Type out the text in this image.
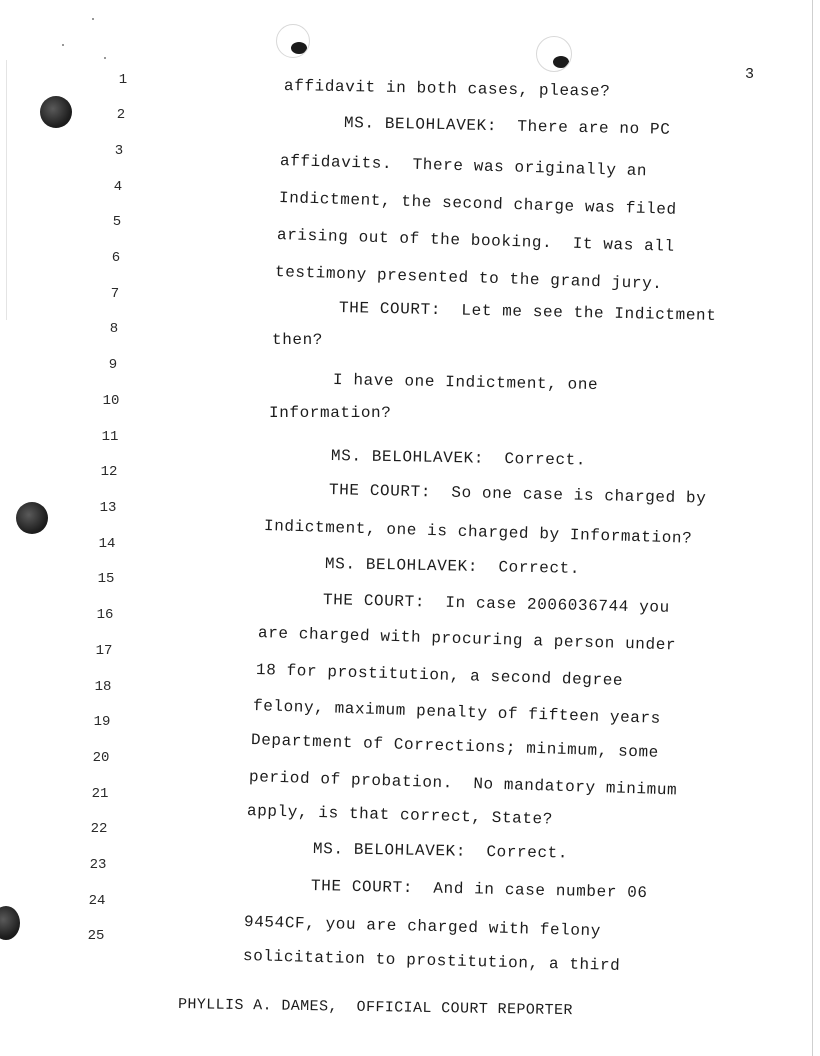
3
1
2
3
4
5
6
7
8
9
10
11
12
13
14
15
16
17
18
19
20
21
22
23
24
25
affidavit in both cases, please?
MS. BELOHLAVEK:  There are no PC
affidavits.  There was originally an
Indictment, the second charge was filed
arising out of the booking.  It was all
testimony presented to the grand jury.
THE COURT:  Let me see the Indictment
then?
I have one Indictment, one
Information?
MS. BELOHLAVEK:  Correct.
THE COURT:  So one case is charged by
Indictment, one is charged by Information?
MS. BELOHLAVEK:  Correct.
THE COURT:  In case 2006036744 you
are charged with procuring a person under
18 for prostitution, a second degree
felony, maximum penalty of fifteen years
Department of Corrections; minimum, some
period of probation.  No mandatory minimum
apply, is that correct, State?
MS. BELOHLAVEK:  Correct.
THE COURT:  And in case number 06
9454CF, you are charged with felony
solicitation to prostitution, a third
PHYLLIS A. DAMES,  OFFICIAL COURT REPORTER
